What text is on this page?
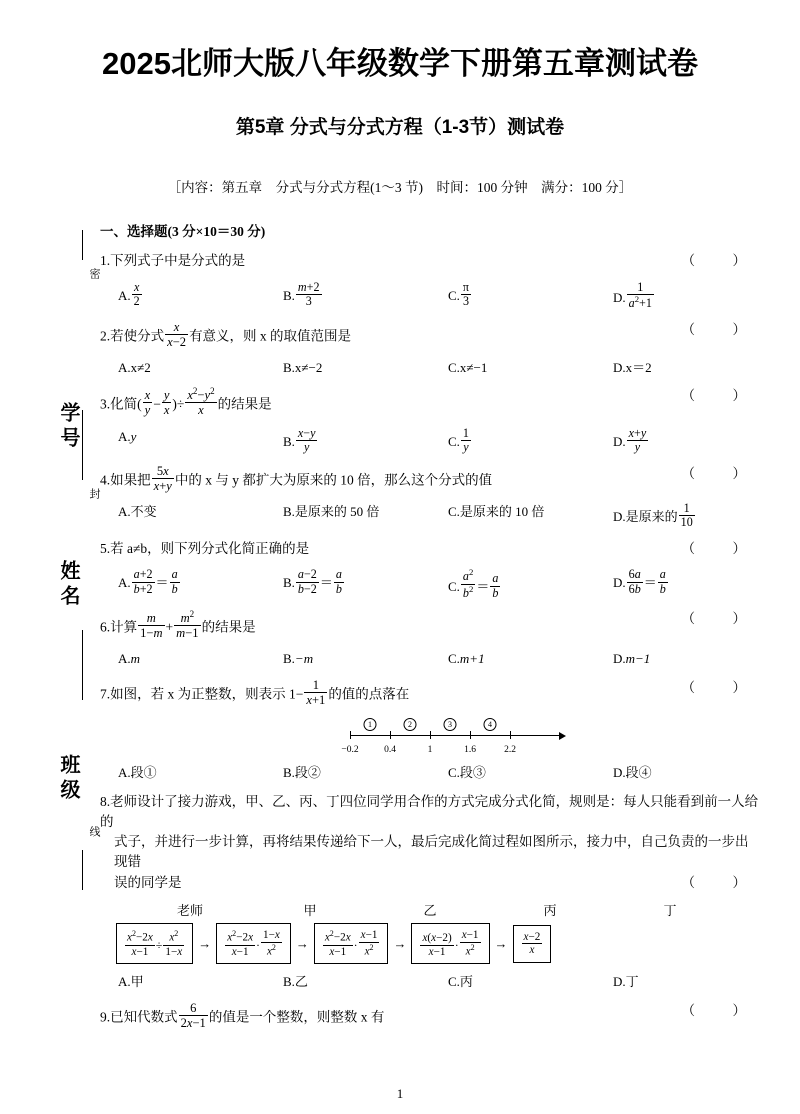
密
学号
封
姓名
班级
线
2025北师大版八年级数学下册第五章测试卷
第5章 分式与分式方程（1-3节）测试卷
［内容：第五章　分式与分式方程(1～3 节)　时间：100 分钟　满分：100 分］
一、选择题(3 分×10＝30 分)
1.下列式子中是分式的是	（　）
A. $\frac{x}{2}$	B. $\frac{m+2}{3}$	C. $\frac{\pi}{3}$	D. $\frac{1}{a^2+1}$
2.若使分式 $\frac{x}{x-2}$ 有意义，则 x 的取值范围是	（　）
A.x≠2	B.x≠−2	C.x≠−1	D.x＝2
3.化简( $\frac{x}{y} - \frac{y}{x}$ )÷ $\frac{x^2-y^2}{x}$ 的结果是
（　）
A.y	B. $\frac{x-y}{y}$	C. $\frac{1}{y}$	D. $\frac{x+y}{y}$
4.如果把 $\frac{5x}{x+y}$ 中的 x 与 y 都扩大为原来的 10 倍，那么这个分式的值	（　）
A.不变	B.是原来的 50 倍	C.是原来的 10 倍	D.是原来的 $\frac{1}{10}$
5.若 a≠b，则下列分式化简正确的是	（　）
A. $\frac{a+2}{b+2} = \frac{a}{b}$	B. $\frac{a-2}{b-2} = \frac{a}{b}$	C. $\frac{a^2}{b^2} = \frac{a}{b}$	D. $\frac{6a}{6b} = \frac{a}{b}$
6.计算 $\frac{m}{1-m} + \frac{m^2}{m-1}$ 的结果是
（　）
A.m	B.−m	C.m+1	D.m−1
7.如图，若 x 为正整数，则表示 $1- \frac{1}{x+1}$ 的值的点落在	（　）
−0.2	0.4	1	1.6	2.2
1	2	3	4
A.段①	B.段②	C.段③	D.段④
8.老师设计了接力游戏，甲、乙、丙、丁四位同学用合作的方式完成分式化简，规则是：每人只能看到前一人给的
式子，并进行一步计算，再将结果传递给下一人，最后完成化简过程如图所示，接力中，自己负责的一步出现错
误的同学是	（　）
老师	甲	乙	丙	丁
$\frac{x^2-2x}{x-1} \div \frac{x^2}{1-x} \to \frac{x^2-2x}{x-1} \cdot \frac{1-x}{x^2} \to \frac{x^2-2x}{x-1} \cdot \frac{x-1}{x^2} \to \frac{x(x-2)}{x-1} \cdot \frac{x-1}{x^2} \to \frac{x-2}{x}$
A.甲	B.乙	C.丙	D.丁
9.已知代数式 $\frac{6}{2x-1}$ 的值是一个整数，则整数 x 有	（　）
1
